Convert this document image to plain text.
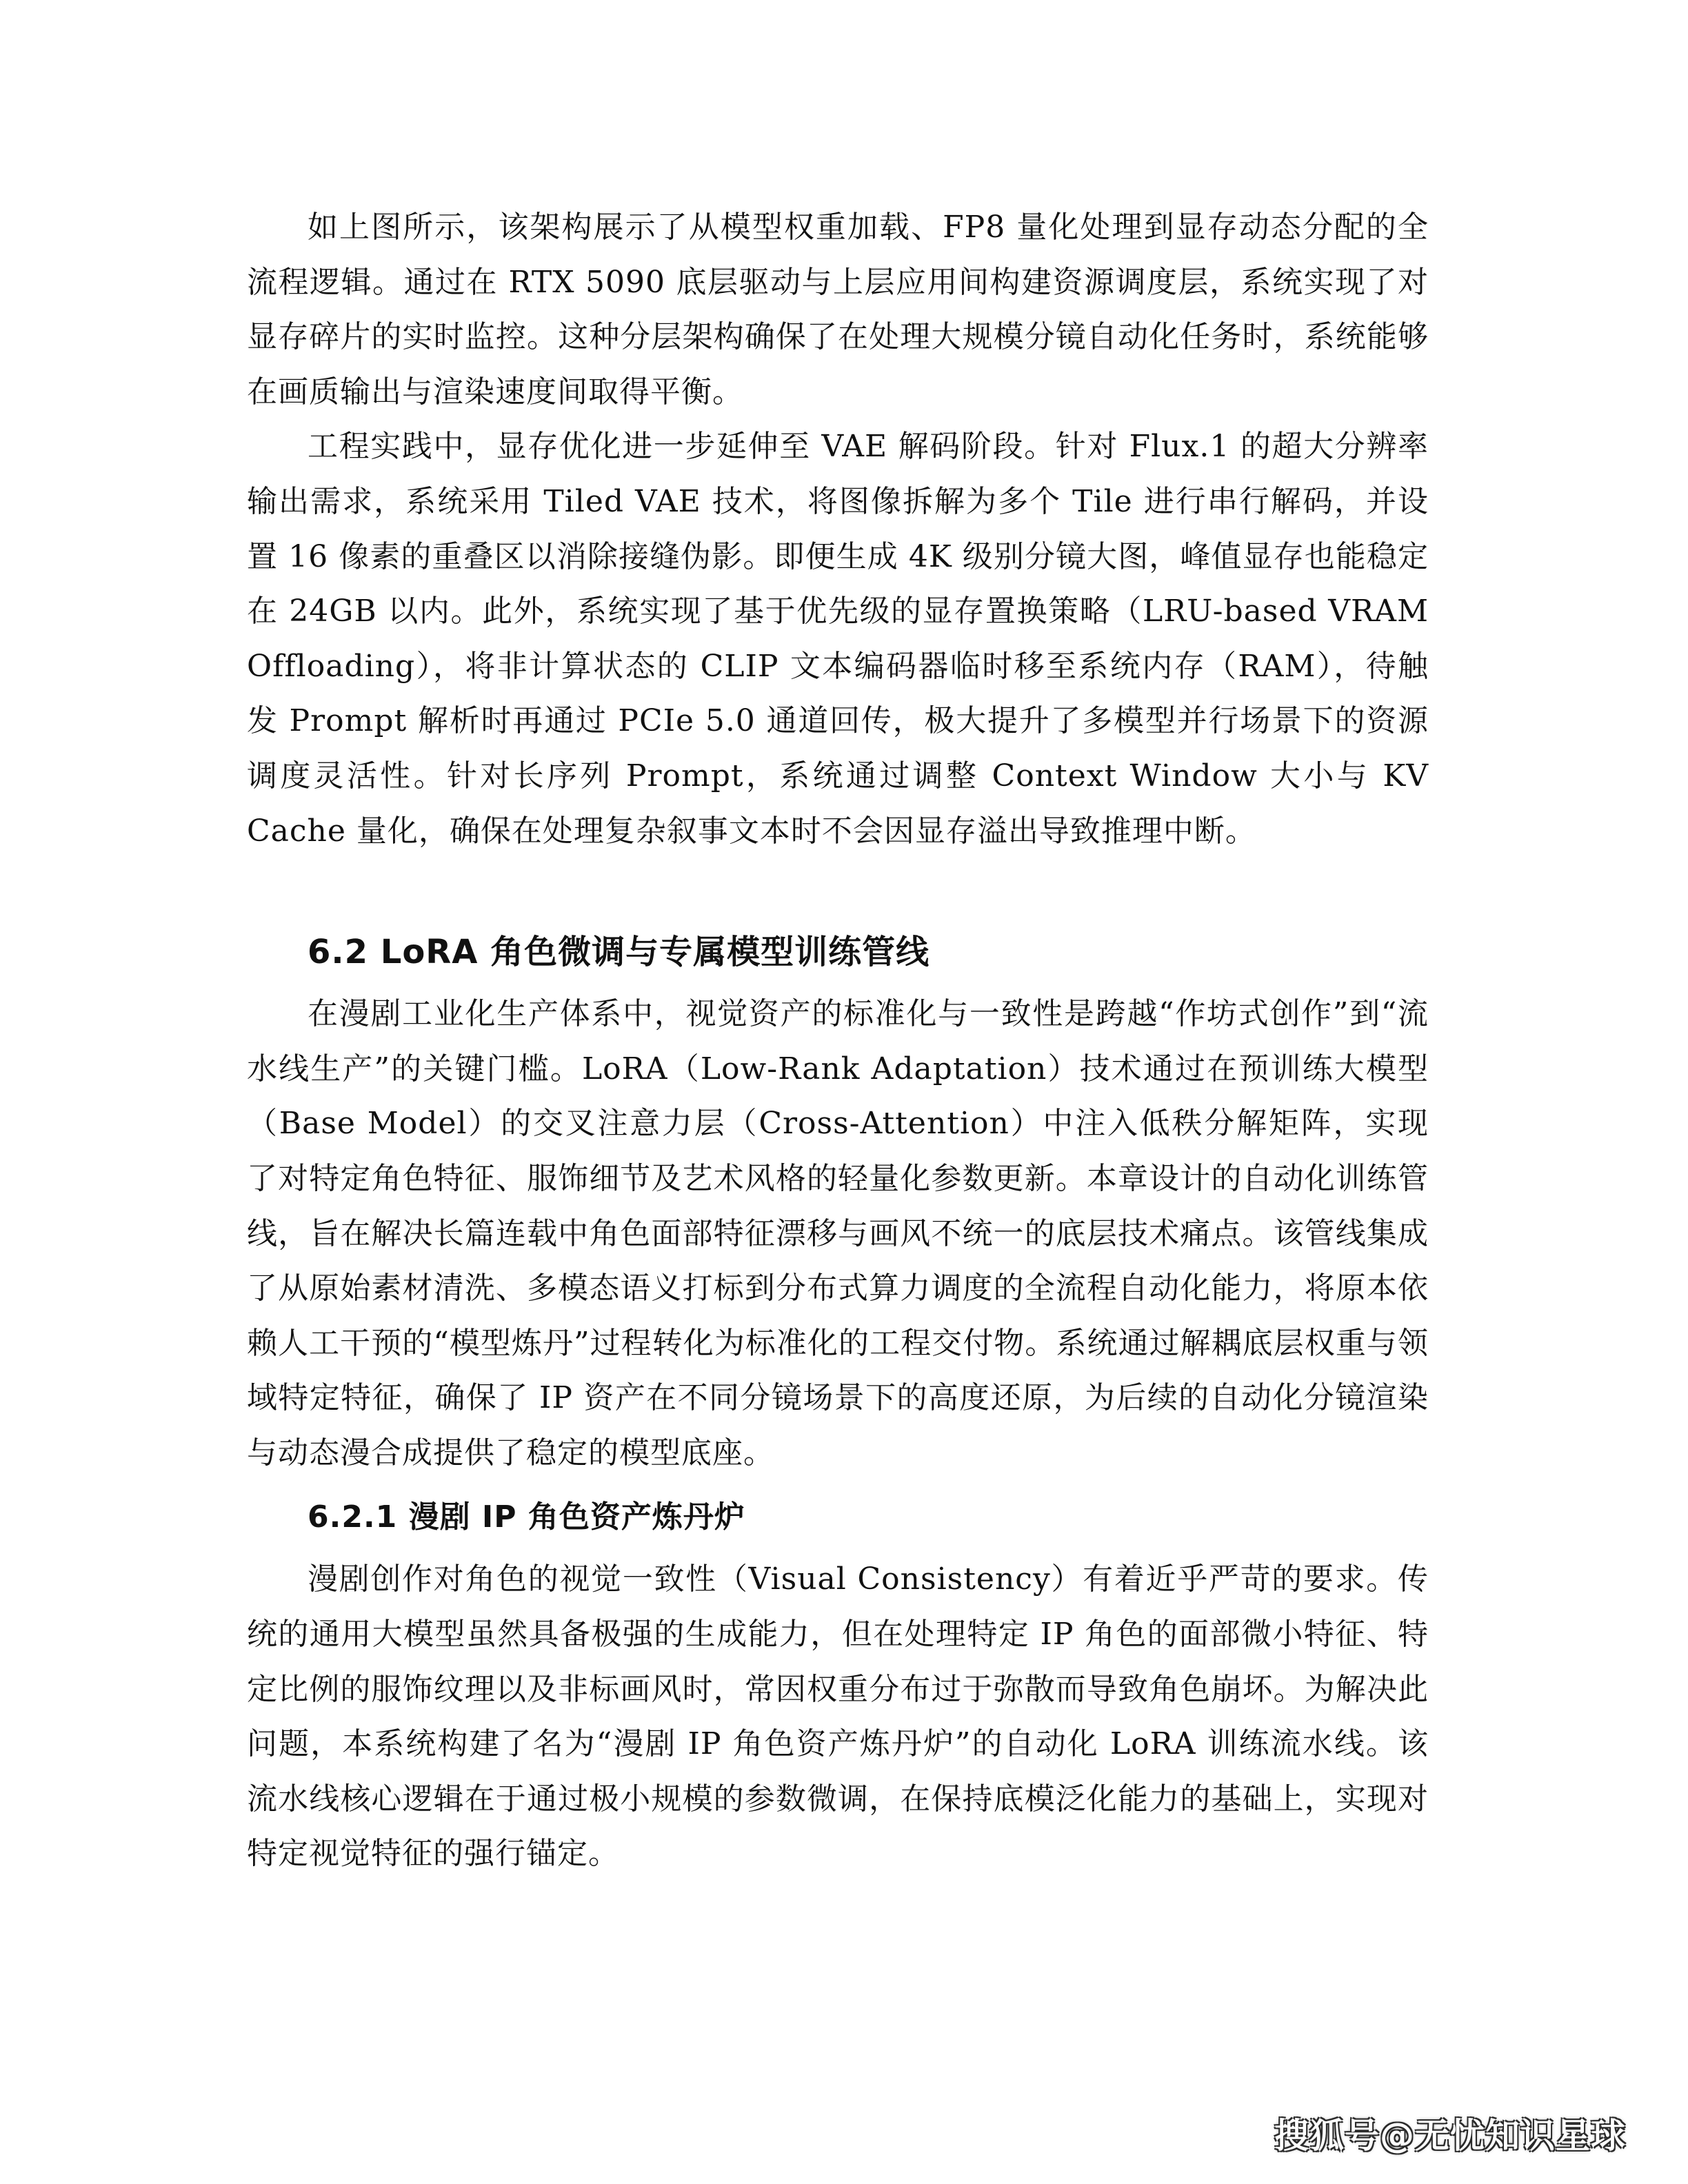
如上图所示，该架构展示了从模型权重加载、FP8 量化处理到显存动态分配的全流程逻辑。通过在 RTX 5090 底层驱动与上层应用间构建资源调度层，系统实现了对显存碎片的实时监控。这种分层架构确保了在处理大规模分镜自动化任务时，系统能够在画质输出与渲染速度间取得平衡。

工程实践中，显存优化进一步延伸至 VAE 解码阶段。针对 Flux.1 的超大分辨率输出需求，系统采用 Tiled VAE 技术，将图像拆解为多个 Tile 进行串行解码，并设置 16 像素的重叠区以消除接缝伪影。即便生成 4K 级别分镜大图，峰值显存也能稳定在 24GB 以内。此外，系统实现了基于优先级的显存置换策略（LRU-based VRAM Offloading），将非计算状态的 CLIP 文本编码器临时移至系统内存（RAM），待触发 Prompt 解析时再通过 PCIe 5.0 通道回传，极大提升了多模型并行场景下的资源调度灵活性。针对长序列 Prompt，系统通过调整 Context Window 大小与 KV Cache 量化，确保在处理复杂叙事文本时不会因显存溢出导致推理中断。

6.2 LoRA 角色微调与专属模型训练管线

在漫剧工业化生产体系中，视觉资产的标准化与一致性是跨越“作坊式创作”到“流水线生产”的关键门槛。LoRA（Low-Rank Adaptation）技术通过在预训练大模型（Base Model）的交叉注意力层（Cross-Attention）中注入低秩分解矩阵，实现了对特定角色特征、服饰细节及艺术风格的轻量化参数更新。本章设计的自动化训练管线，旨在解决长篇连载中角色面部特征漂移与画风不统一的底层技术痛点。该管线集成了从原始素材清洗、多模态语义打标到分布式算力调度的全流程自动化能力，将原本依赖人工干预的“模型炼丹”过程转化为标准化的工程交付物。系统通过解耦底层权重与领域特定特征，确保了 IP 资产在不同分镜场景下的高度还原，为后续的自动化分镜渲染与动态漫合成提供了稳定的模型底座。

6.2.1 漫剧 IP 角色资产炼丹炉

漫剧创作对角色的视觉一致性（Visual Consistency）有着近乎严苛的要求。传统的通用大模型虽然具备极强的生成能力，但在处理特定 IP 角色的面部微小特征、特定比例的服饰纹理以及非标画风时，常因权重分布过于弥散而导致角色崩坏。为解决此问题，本系统构建了名为“漫剧 IP 角色资产炼丹炉”的自动化 LoRA 训练流水线。该流水线核心逻辑在于通过极小规模的参数微调，在保持底模泛化能力的基础上，实现对特定视觉特征的强行锚定。

搜狐号@无忧知识星球
